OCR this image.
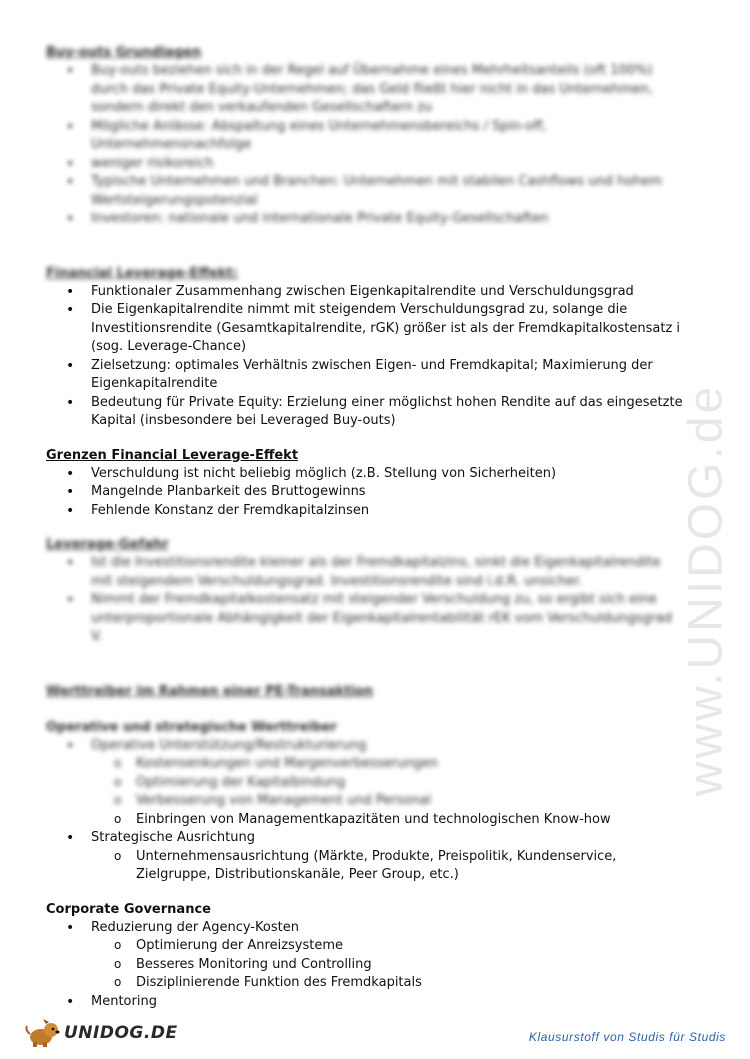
www.UNIDOG.de

Buy-outs Grundlagen

• Buy-outs beziehen sich in der Regel auf Übernahme eines Mehrheitsanteils (oft 100%) durch das Private Equity-Unternehmen; das Geld fließt hier nicht in das Unternehmen, sondern direkt den verkaufenden Gesellschaftern zu
• Mögliche Anlässe: Abspaltung eines Unternehmensbereichs / Spin-off, Unternehmensnachfolge
• weniger risikoreich
• Typische Unternehmen und Branchen: Unternehmen mit stabilen Cashflows und hohem Wertsteigerungspotenzial
• Investoren: nationale und internationale Private Equity-Gesellschaften

Financial Leverage-Effekt:

• Funktionaler Zusammenhang zwischen Eigenkapitalrendite und Verschuldungsgrad
• Die Eigenkapitalrendite nimmt mit steigendem Verschuldungsgrad zu, solange die Investitionsrendite (Gesamtkapitalrendite, rGK) größer ist als der Fremdkapitalkostensatz i (sog. Leverage-Chance)
• Zielsetzung: optimales Verhältnis zwischen Eigen- und Fremdkapital; Maximierung der Eigenkapitalrendite
• Bedeutung für Private Equity: Erzielung einer möglichst hohen Rendite auf das eingesetzte Kapital (insbesondere bei Leveraged Buy-outs)

Grenzen Financial Leverage-Effekt

• Verschuldung ist nicht beliebig möglich (z.B. Stellung von Sicherheiten)
• Mangelnde Planbarkeit des Bruttogewinns
• Fehlende Konstanz der Fremdkapitalzinsen

Leverage-Gefahr

• Ist die Investitionsrendite kleiner als der Fremdkapitalzins, sinkt die Eigenkapitalrendite mit steigendem Verschuldungsgrad. Investitionsrendite sind i.d.R. unsicher.
• Nimmt der Fremdkapitalkostensatz mit steigender Verschuldung zu, so ergibt sich eine unterproportionale Abhängigkeit der Eigenkapitalrentabilität rEK vom Verschuldungsgrad V.

Werttreiber im Rahmen einer PE-Transaktion

Operative und strategische Werttreiber

• Operative Unterstützung/Restrukturierung
o Kostensenkungen und Margenverbesserungen
o Optimierung der Kapitalbindung
o Verbesserung von Management und Personal
o Einbringen von Managementkapazitäten und technologischen Know-how
• Strategische Ausrichtung
o Unternehmensausrichtung (Märkte, Produkte, Preispolitik, Kundenservice, Zielgruppe, Distributionskanäle, Peer Group, etc.)

Corporate Governance

• Reduzierung der Agency-Kosten
o Optimierung der Anreizsysteme
o Besseres Monitoring und Controlling
o Disziplinierende Funktion des Fremdkapitals
• Mentoring
UNIDOG.DE	Klausurstoff von Studis für Studis
